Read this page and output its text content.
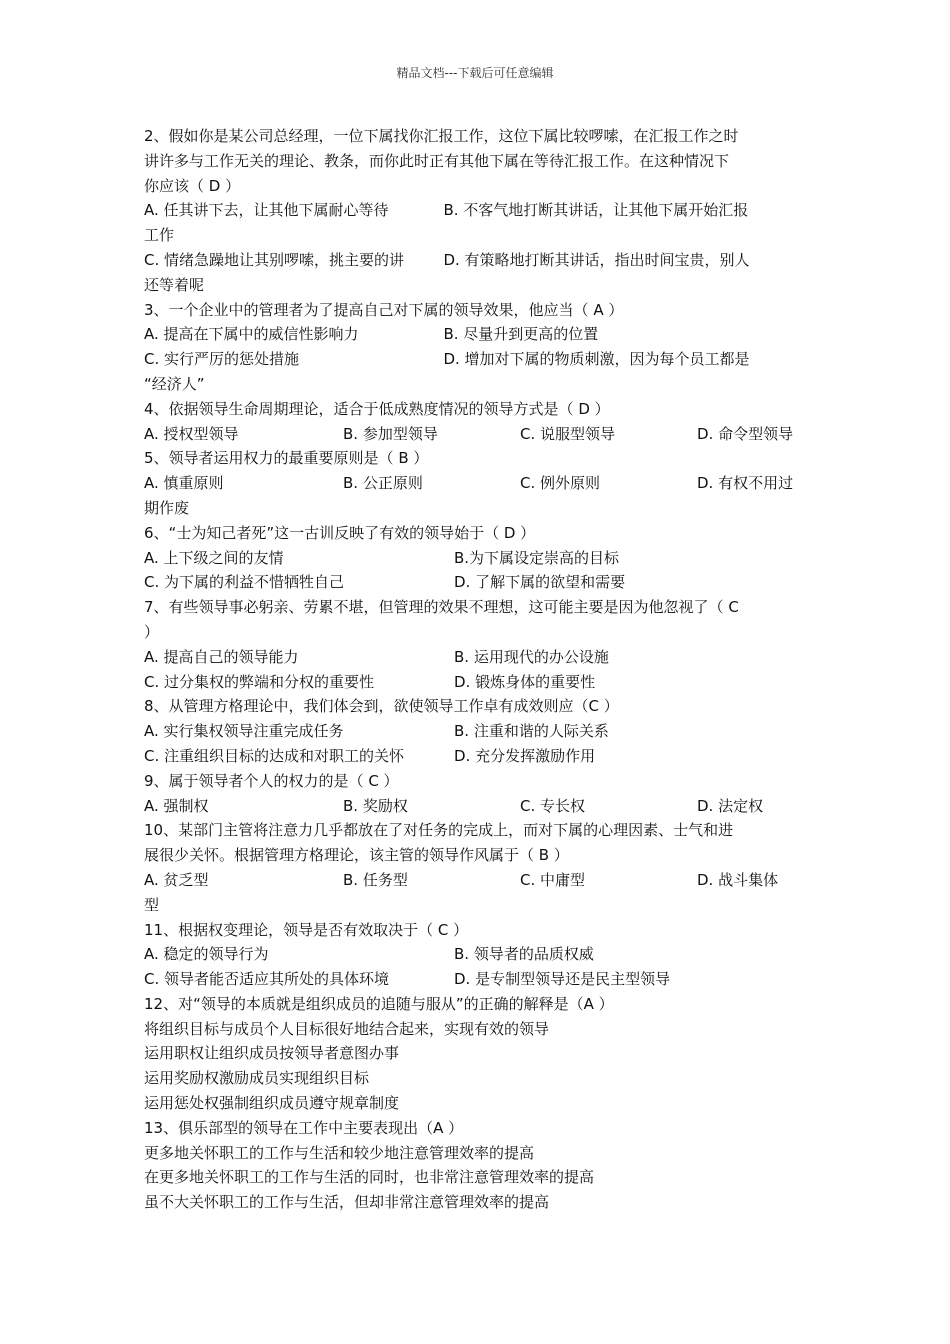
精品文档---下载后可任意编辑
2、假如你是某公司总经理，一位下属找你汇报工作，这位下属比较啰嗦，在汇报工作之时
讲许多与工作无关的理论、教条，而你此时正有其他下属在等待汇报工作。在这种情况下
你应该（ D ）
A. 任其讲下去，让其他下属耐心等待	B. 不客气地打断其讲话，让其他下属开始汇报
工作
C. 情绪急躁地让其别啰嗦，挑主要的讲	D. 有策略地打断其讲话，指出时间宝贵，别人
还等着呢
3、一个企业中的管理者为了提高自己对下属的领导效果，他应当（ A ）
A. 提高在下属中的威信性影响力	B. 尽量升到更高的位置
C. 实行严厉的惩处措施	D. 增加对下属的物质刺激，因为每个员工都是
“经济人”
4、依据领导生命周期理论，适合于低成熟度情况的领导方式是（ D ）
A. 授权型领导	B. 参加型领导	C. 说服型领导	D. 命令型领导
5、领导者运用权力的最重要原则是（ B ）
A. 慎重原则	B. 公正原则	C. 例外原则	D. 有权不用过
期作废
6、“士为知己者死”这一古训反映了有效的领导始于（ D ）
A. 上下级之间的友情	B.为下属设定崇高的目标
C. 为下属的利益不惜牺牲自己	D. 了解下属的欲望和需要
7、有些领导事必躬亲、劳累不堪，但管理的效果不理想，这可能主要是因为他忽视了（ C
）
A. 提高自己的领导能力	B. 运用现代的办公设施
C. 过分集权的弊端和分权的重要性	D. 锻炼身体的重要性
8、从管理方格理论中，我们体会到，欲使领导工作卓有成效则应（C ）
A. 实行集权领导注重完成任务	B. 注重和谐的人际关系
C. 注重组织目标的达成和对职工的关怀	D. 充分发挥激励作用
9、属于领导者个人的权力的是（ C ）
A. 强制权	B. 奖励权	C. 专长权	D. 法定权
10、某部门主管将注意力几乎都放在了对任务的完成上，而对下属的心理因素、士气和进
展很少关怀。根据管理方格理论，该主管的领导作风属于（ B ）
A. 贫乏型	B. 任务型	C. 中庸型	D. 战斗集体
型
11、根据权变理论，领导是否有效取决于（ C ）
A. 稳定的领导行为	B. 领导者的品质权威
C. 领导者能否适应其所处的具体环境	D. 是专制型领导还是民主型领导
12、对“领导的本质就是组织成员的追随与服从”的正确的解释是（A ）
将组织目标与成员个人目标很好地结合起来，实现有效的领导
运用职权让组织成员按领导者意图办事
运用奖励权激励成员实现组织目标
运用惩处权强制组织成员遵守规章制度
13、俱乐部型的领导在工作中主要表现出（A ）
更多地关怀职工的工作与生活和较少地注意管理效率的提高
在更多地关怀职工的工作与生活的同时，也非常注意管理效率的提高
虽不大关怀职工的工作与生活，但却非常注意管理效率的提高
